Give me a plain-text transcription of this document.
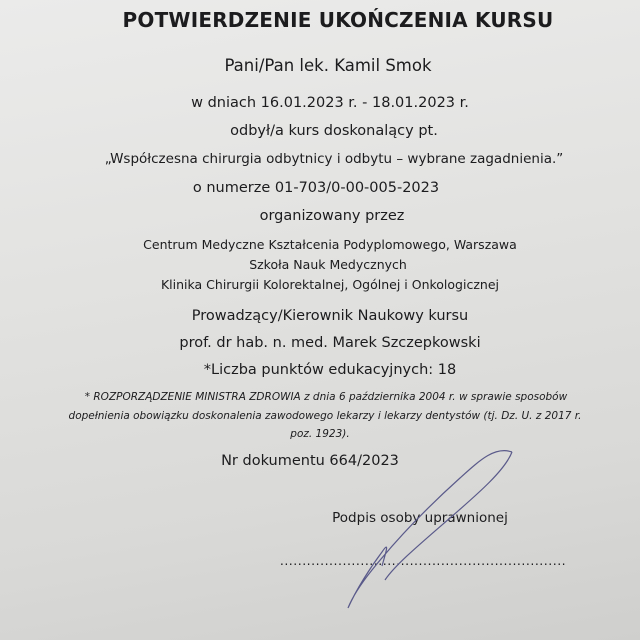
POTWIERDZENIE UKOŃCZENIA KURSU
Pani/Pan lek. Kamil Smok
w dniach 16.01.2023 r. - 18.01.2023 r.
odbył/a kurs doskonalący pt.
„Współczesna chirurgia odbytnicy i odbytu – wybrane zagadnienia.”
o numerze 01-703/0-00-005-2023
organizowany przez
Centrum Medyczne Kształcenia Podyplomowego, Warszawa
Szkoła Nauk Medycznych
Klinika Chirurgii Kolorektalnej, Ogólnej i Onkologicznej
Prowadzący/Kierownik Naukowy kursu
prof. dr hab. n. med. Marek Szczepkowski
*Liczba punktów edukacyjnych: 18
* ROZPORZĄDZENIE MINISTRA ZDROWIA z dnia 6 października 2004 r. w sprawie sposobów
dopełnienia obowiązku doskonalenia zawodowego lekarzy i lekarzy dentystów (tj. Dz. U. z 2017 r.
poz. 1923).
Nr dokumentu 664/2023
Podpis osoby uprawnionej
................................................................
